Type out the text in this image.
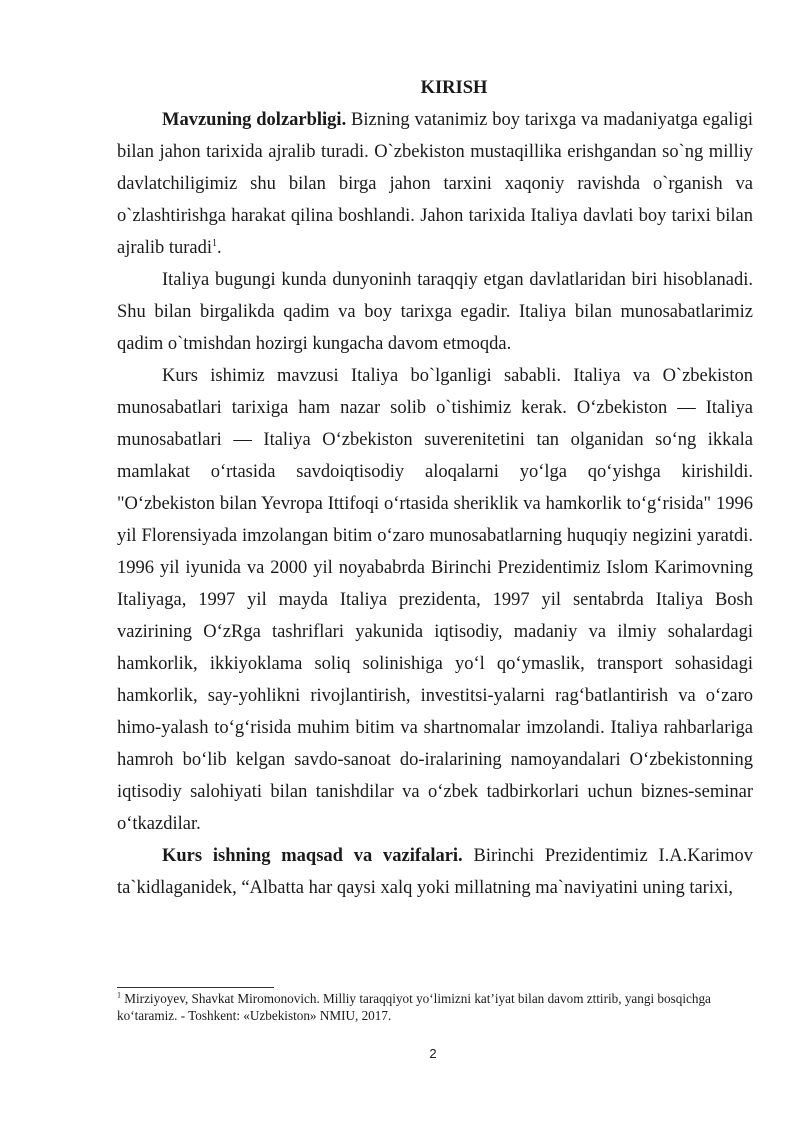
KIRISH

Mavzuning dolzarbligi. Bizning vatanimiz boy tarixga va madaniyatga egaligi bilan jahon tarixida ajralib turadi. O`zbekiston mustaqillika erishgandan so`ng milliy davlatchiligimiz shu bilan birga jahon tarxini xaqoniy ravishda o`rganish va o`zlashtirishga harakat qilina boshlandi. Jahon tarixida Italiya davlati boy tarixi bilan ajralib turadi$^1$.

Italiya bugungi kunda dunyoninh taraqqiy etgan davlatlaridan biri hisoblanadi. Shu bilan birgalikda qadim va boy tarixga egadir. Italiya bilan munosabatlarimiz qadim o`tmishdan hozirgi kungacha davom etmoqda.

Kurs ishimiz mavzusi Italiya bo`lganligi sababli. Italiya va O`zbekiston munosabatlari tarixiga ham nazar solib o`tishimiz kerak. O‘zbekiston — Italiya munosabatlari — Italiya O‘zbekiston suverenitetini tan olganidan so‘ng ikkala mamlakat o‘rtasida savdoiqtisodiy aloqalarni yo‘lga qo‘yishga kirishildi. "O‘zbekiston bilan Yevropa Ittifoqi o‘rtasida sheriklik va hamkorlik to‘g‘risida" 1996 yil Florensiyada imzolangan bitim o‘zaro munosabatlarning huquqiy negizini yaratdi. 1996 yil iyunida va 2000 yil noyababrda Birinchi Prezidentimiz Islom Karimovning Italiyaga, 1997 yil mayda Italiya prezidenta, 1997 yil sentabrda Italiya Bosh vazirining O‘zRga tashriflari yakunida iqtisodiy, madaniy va ilmiy sohalardagi hamkorlik, ikkiyoklama soliq solinishiga yo‘l qo‘ymaslik, transport sohasidagi hamkorlik, say-yohlikni rivojlantirish, investitsi-yalarni rag‘batlantirish va o‘zaro himo-yalash to‘g‘risida muhim bitim va shartnomalar imzolandi. Italiya rahbarlariga hamroh bo‘lib kelgan savdo-sanoat do-iralarining namoyandalari O‘zbekistonning iqtisodiy salohiyati bilan tanishdilar va o‘zbek tadbirkorlari uchun biznes-seminar o‘tkazdilar.

Kurs ishning maqsad va vazifalari. Birinchi Prezidentimiz I.A.Karimov ta`kidlaganidek, “Albatta har qaysi xalq yoki millatning ma`naviyatini uning tarixi,

$^1$ Mirziyoyev, Shavkat Miromonovich. Milliy taraqqiyot yo‘limizni kat’iyat bilan davom zttirib, yangi bosqichga ko‘taramiz. - Toshkent: «Uzbekiston» NMIU, 2017.

2
